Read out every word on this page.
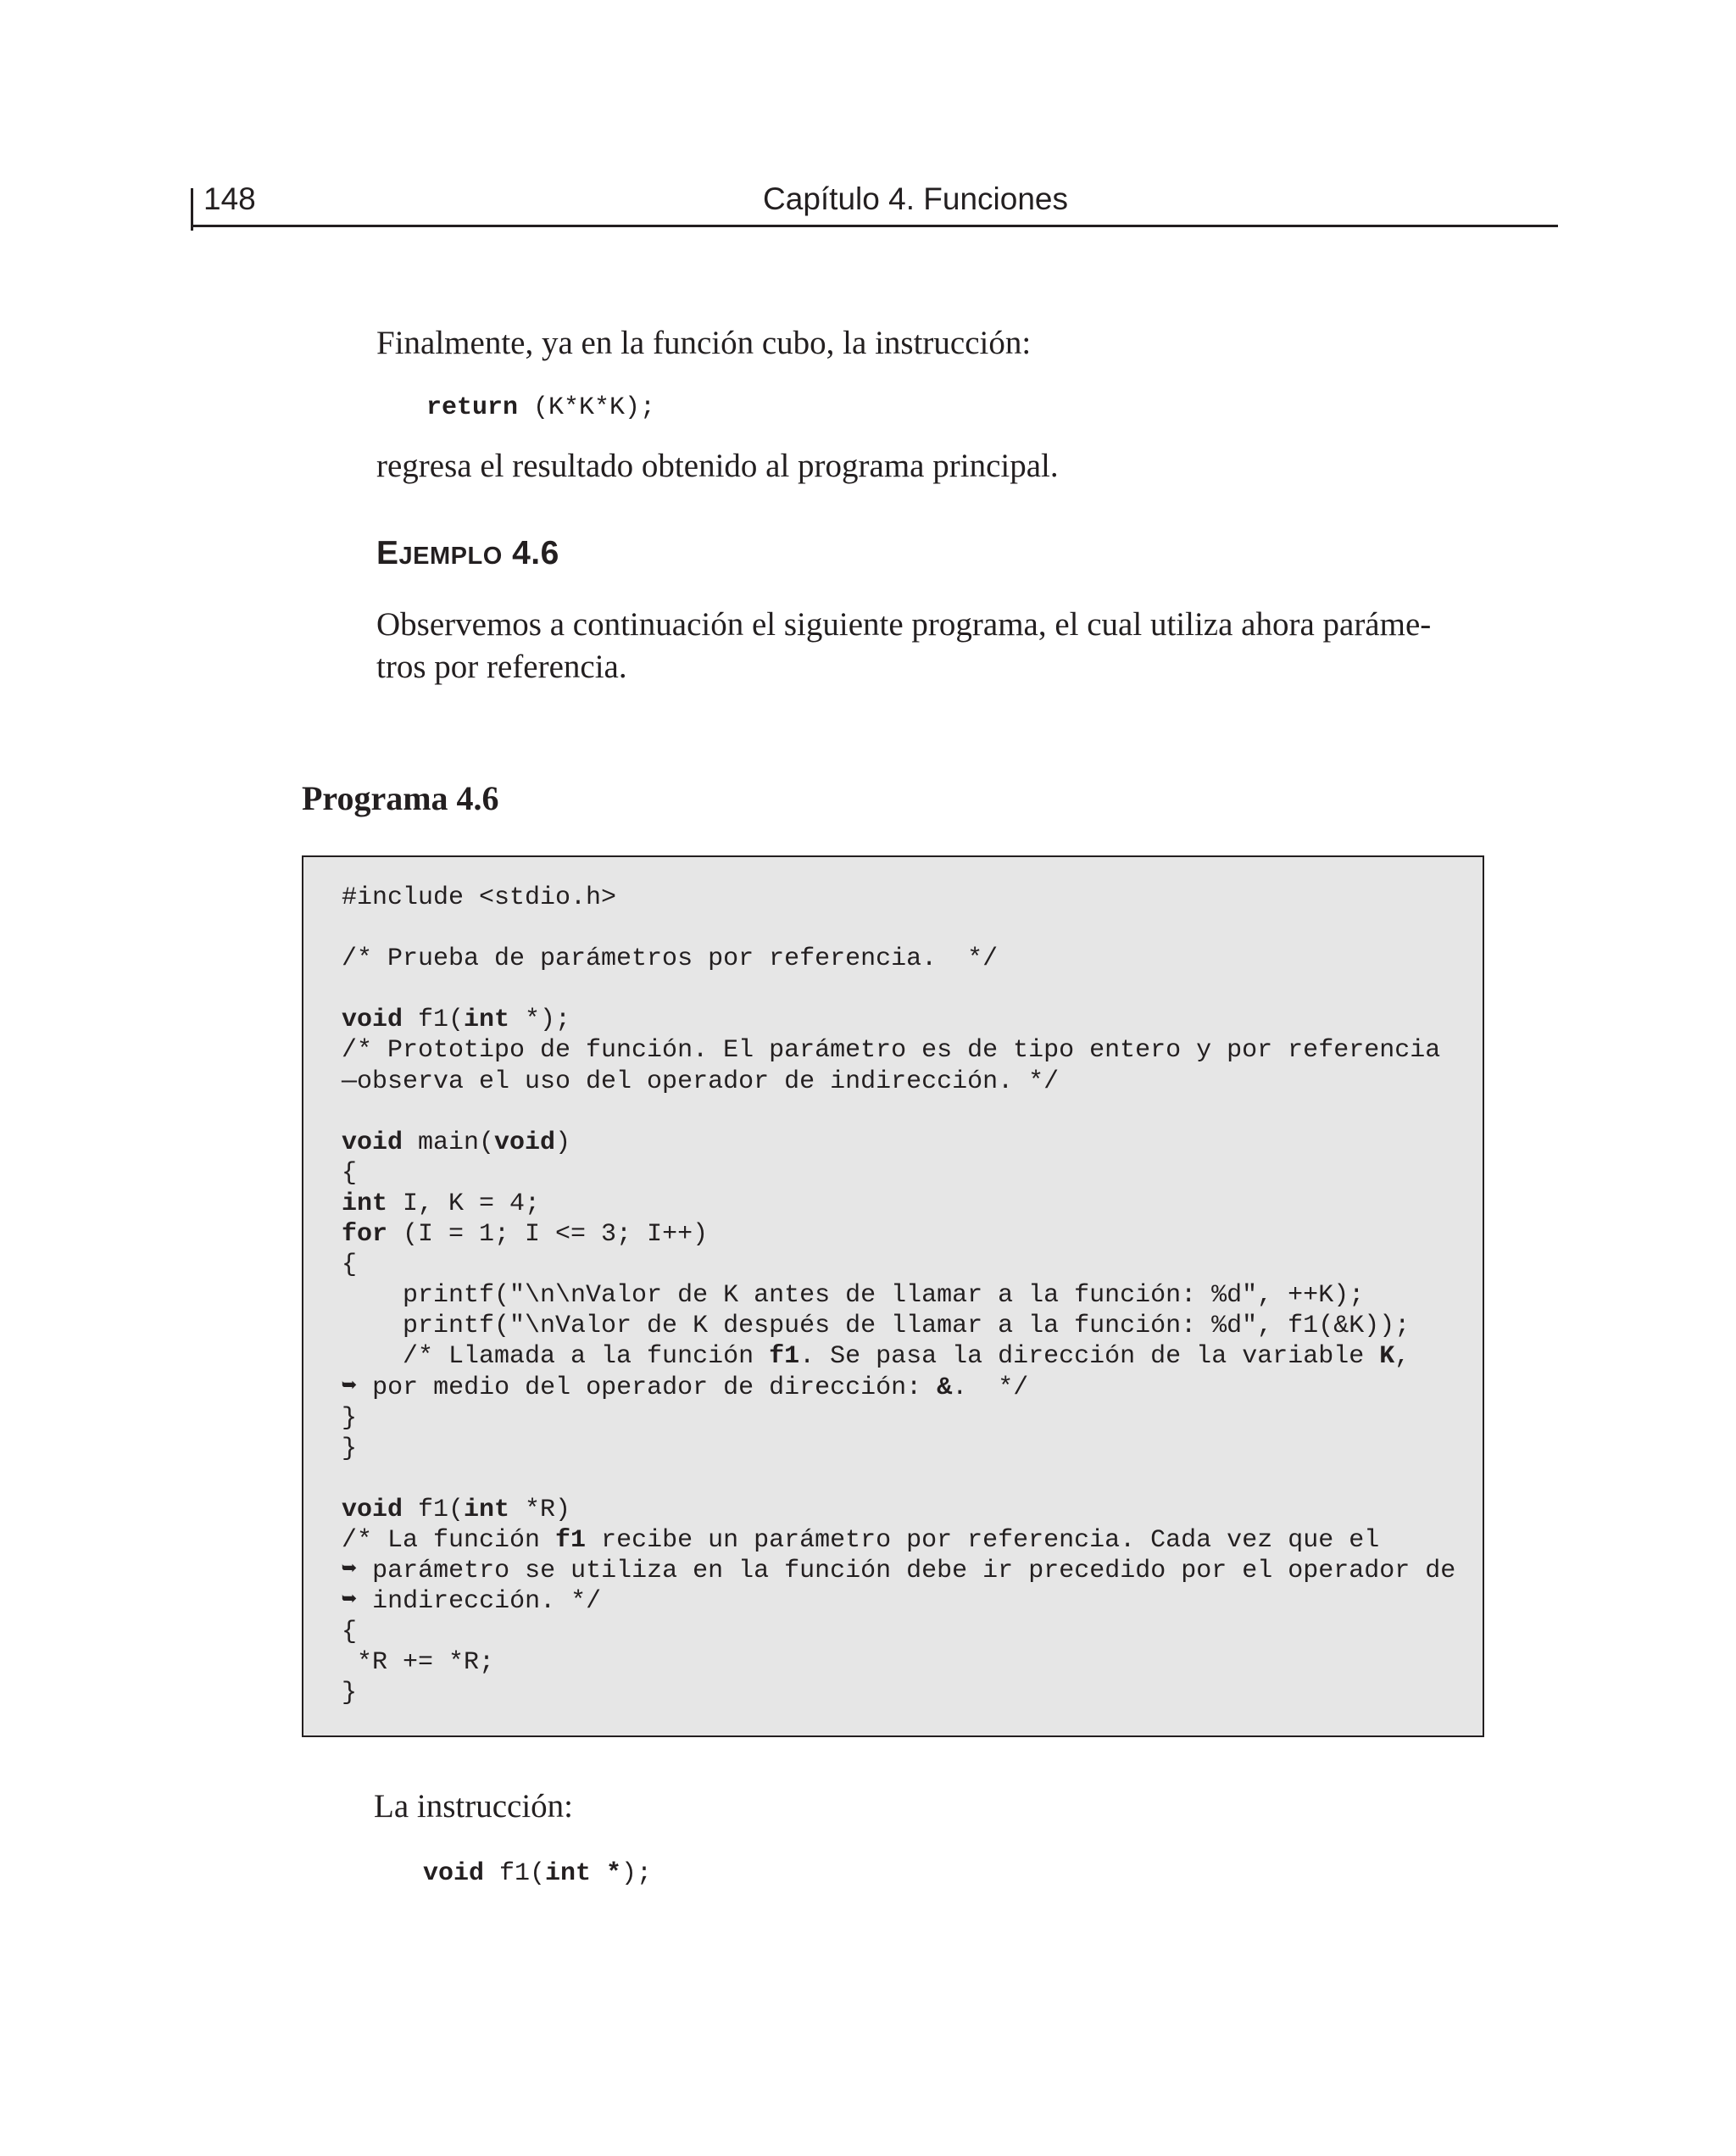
148	Capítulo 4. Funciones
Finalmente, ya en la función cubo, la instrucción:
return (K*K*K);
regresa el resultado obtenido al programa principal.
EJEMPLO 4.6
Observemos a continuación el siguiente programa, el cual utiliza ahora paráme- tros por referencia.
Programa 4.6
#include <stdio.h>
/* Prueba de parámetros por referencia.  */
void f1(int *);
/* Prototipo de función. El parámetro es de tipo entero y por referencia
—observa el uso del operador de indirección. */
void main(void)
{
int I, K = 4;
for (I = 1; I <= 3; I++)
{
printf("\n\nValor de K antes de llamar a la función: %d", ++K);
printf("\nValor de K después de llamar a la función: %d", f1(&K));
/* Llamada a la función f1. Se pasa la dirección de la variable K,
➥ por medio del operador de dirección: &.  */
}
}
void f1(int *R)
/* La función f1 recibe un parámetro por referencia. Cada vez que el
➥ parámetro se utiliza en la función debe ir precedido por el operador de
➥ indirección. */
{
*R += *R;
}
La instrucción:
void f1(int *);
